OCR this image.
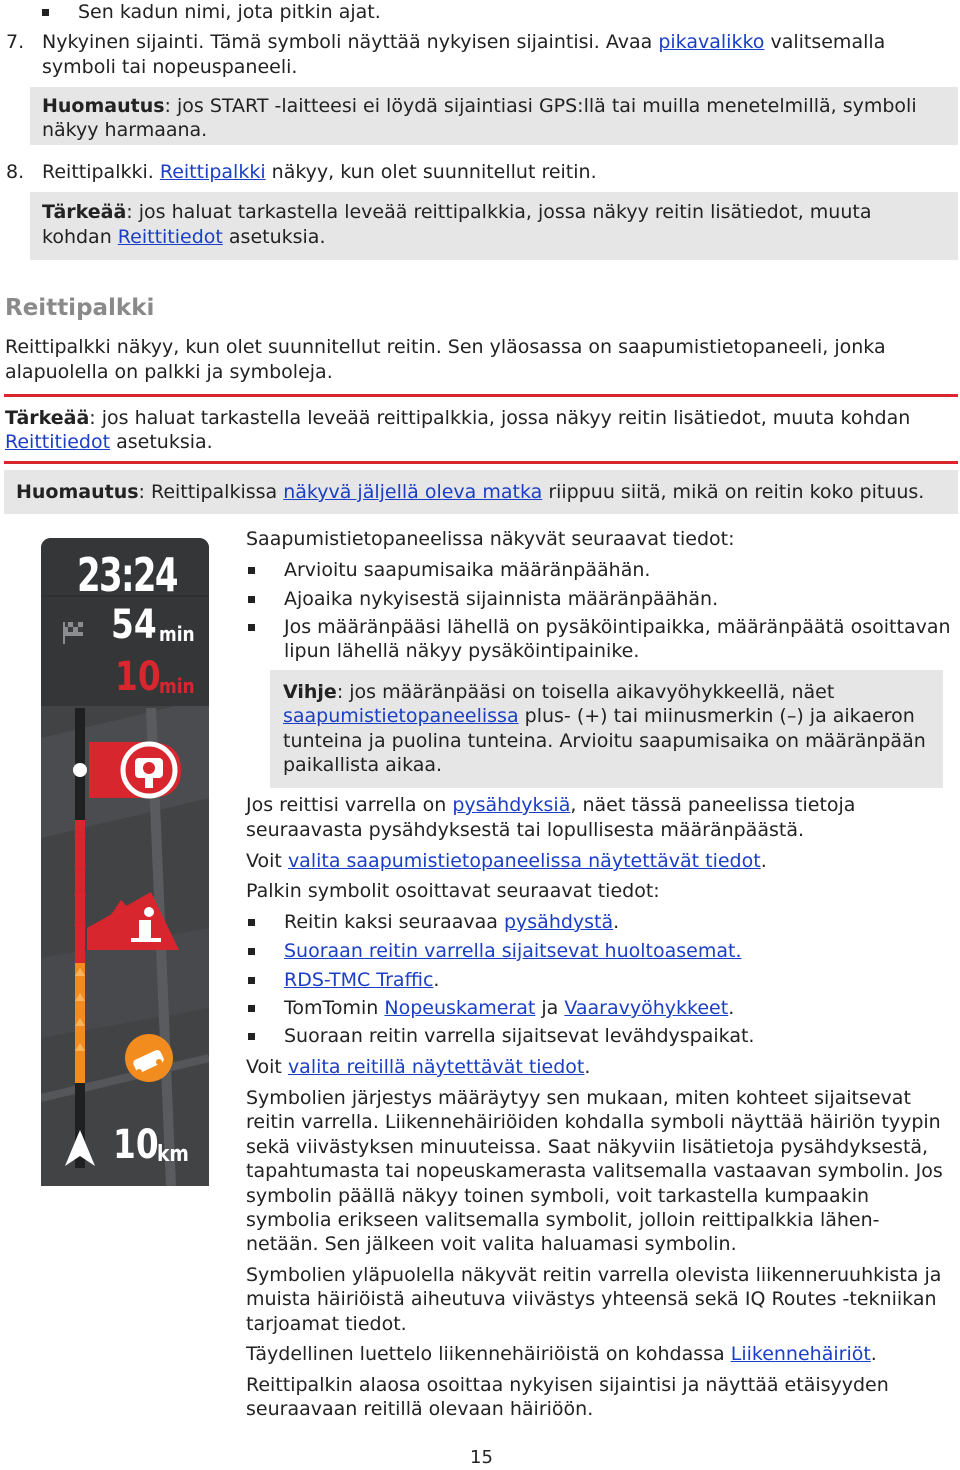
Sen kadun nimi, jota pitkin ajat.
7. Nykyinen sijainti. Tämä symboli näyttää nykyisen sijaintisi. Avaa pikavalikko valitsemalla
symboli tai nopeuspaneeli.
Huomautus: jos START -laitteesi ei löydä sijaintiasi GPS:llä tai muilla menetelmillä, symboli
näkyy harmaana.
8. Reittipalkki. Reittipalkki näkyy, kun olet suunnitellut reitin.
Tärkeää: jos haluat tarkastella leveää reittipalkkia, jossa näkyy reitin lisätiedot, muuta
kohdan Reittitiedot asetuksia.
Reittipalkki
Reittipalkki näkyy, kun olet suunnitellut reitin. Sen yläosassa on saapumistietopaneeli, jonka
alapuolella on palkki ja symboleja.
Tärkeää: jos haluat tarkastella leveää reittipalkkia, jossa näkyy reitin lisätiedot, muuta kohdan
Reittitiedot asetuksia.
Huomautus: Reittipalkissa näkyvä jäljellä oleva matka riippuu siitä, mikä on reitin koko pituus.
23:24
54 min
10
min
10
km
Saapumistietopaneelissa näkyvät seuraavat tiedot:
Arvioitu saapumisaika määränpäähän.
Ajoaika nykyisestä sijainnista määränpäähän.
Jos määränpääsi lähellä on pysäköintipaikka, määränpäätä osoittavan
lipun lähellä näkyy pysäköintipainike.
Vihje: jos määränpääsi on toisella aikavyöhykkeellä, näet
saapumistietopaneelissa plus- (+) tai miinusmerkin (–) ja aikaeron
tunteina ja puolina tunteina. Arvioitu saapumisaika on määränpään
paikallista aikaa.
Jos reittisi varrella on pysähdyksiä, näet tässä paneelissa tietoja
seuraavasta pysähdyksestä tai lopullisesta määränpäästä.
Voit valita saapumistietopaneelissa näytettävät tiedot.
Palkin symbolit osoittavat seuraavat tiedot:
Reitin kaksi seuraavaa pysähdystä.
Suoraan reitin varrella sijaitsevat huoltoasemat.
RDS-TMC Traffic.
TomTomin Nopeuskamerat ja Vaaravyöhykkeet.
Suoraan reitin varrella sijaitsevat levähdyspaikat.
Voit valita reitillä näytettävät tiedot.
Symbolien järjestys määräytyy sen mukaan, miten kohteet sijaitsevat
reitin varrella. Liikennehäiriöiden kohdalla symboli näyttää häiriön tyypin
sekä viivästyksen minuuteissa. Saat näkyviin lisätietoja pysähdyksestä,
tapahtumasta tai nopeuskamerasta valitsemalla vastaavan symbolin. Jos
symbolin päällä näkyy toinen symboli, voit tarkastella kumpaakin
symbolia erikseen valitsemalla symbolit, jolloin reittipalkkia lähen-
netään. Sen jälkeen voit valita haluamasi symbolin.
Symbolien yläpuolella näkyvät reitin varrella olevista liikenneruuhkista ja
muista häiriöistä aiheutuva viivästys yhteensä sekä IQ Routes -tekniikan
tarjoamat tiedot.
Täydellinen luettelo liikennehäiriöistä on kohdassa Liikennehäiriöt.
Reittipalkin alaosa osoittaa nykyisen sijaintisi ja näyttää etäisyyden
seuraavaan reitillä olevaan häiriöön.
15
